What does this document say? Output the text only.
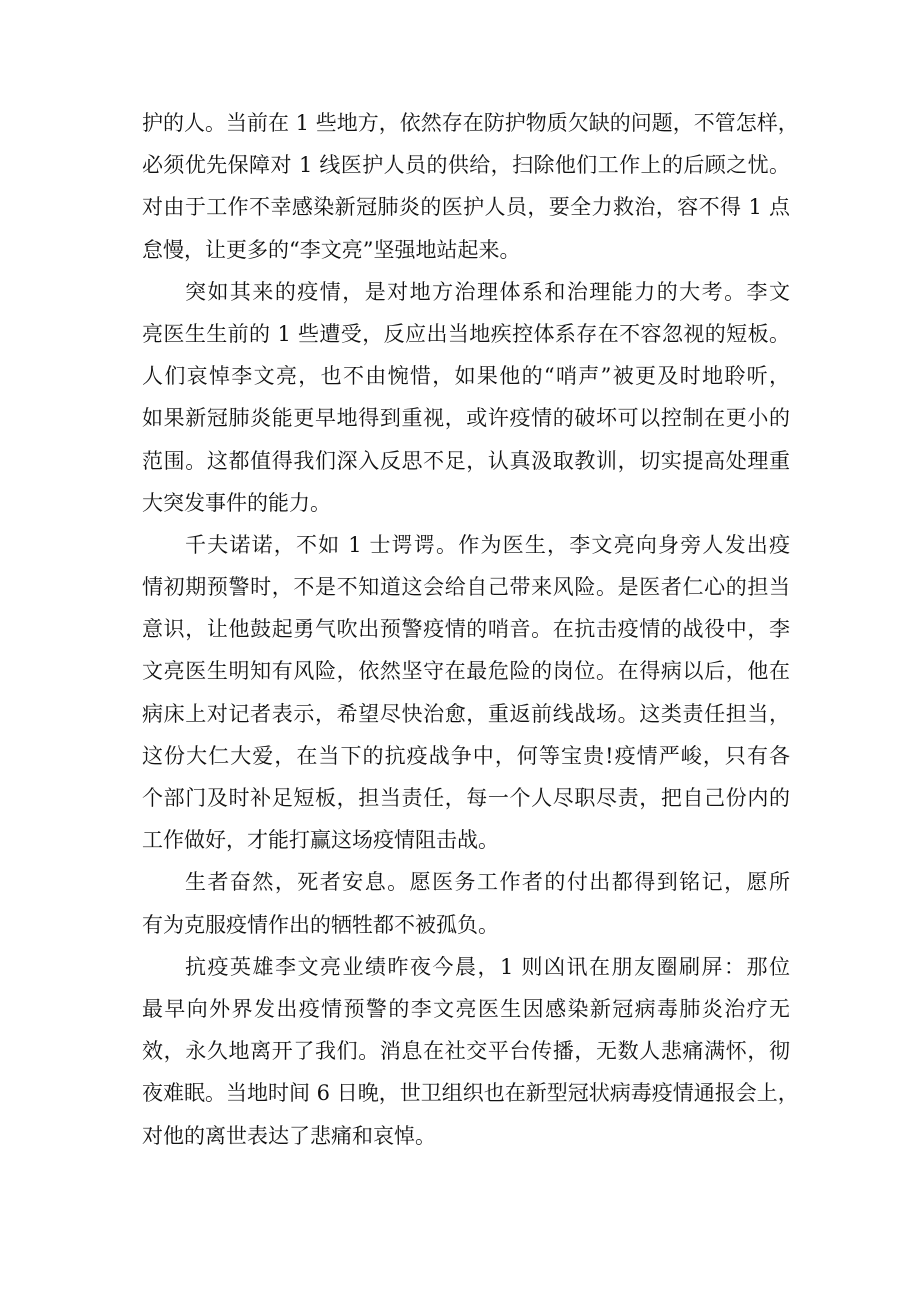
护的人。当前在 1 些地方，依然存在防护物质欠缺的问题，不管怎样，
必须优先保障对 1 线医护人员的供给，扫除他们工作上的后顾之忧。
对由于工作不幸感染新冠肺炎的医护人员，要全力救治，容不得 1 点
怠慢，让更多的“李文亮”坚强地站起来。
突如其来的疫情，是对地方治理体系和治理能力的大考。李文
亮医生生前的 1 些遭受，反应出当地疾控体系存在不容忽视的短板。
人们哀悼李文亮，也不由惋惜，如果他的“哨声”被更及时地聆听，
如果新冠肺炎能更早地得到重视，或许疫情的破坏可以控制在更小的
范围。这都值得我们深入反思不足，认真汲取教训，切实提高处理重
大突发事件的能力。
千夫诺诺，不如 1 士谔谔。作为医生，李文亮向身旁人发出疫
情初期预警时，不是不知道这会给自己带来风险。是医者仁心的担当
意识，让他鼓起勇气吹出预警疫情的哨音。在抗击疫情的战役中，李
文亮医生明知有风险，依然坚守在最危险的岗位。在得病以后，他在
病床上对记者表示，希望尽快治愈，重返前线战场。这类责任担当，
这份大仁大爱，在当下的抗疫战争中，何等宝贵!疫情严峻，只有各
个部门及时补足短板，担当责任，每一个人尽职尽责，把自己份内的
工作做好，才能打赢这场疫情阻击战。
生者奋然，死者安息。愿医务工作者的付出都得到铭记，愿所
有为克服疫情作出的牺牲都不被孤负。
抗疫英雄李文亮业绩昨夜今晨，1 则凶讯在朋友圈刷屏：那位
最早向外界发出疫情预警的李文亮医生因感染新冠病毒肺炎治疗无
效，永久地离开了我们。消息在社交平台传播，无数人悲痛满怀，彻
夜难眠。当地时间 6 日晚，世卫组织也在新型冠状病毒疫情通报会上，
对他的离世表达了悲痛和哀悼。
